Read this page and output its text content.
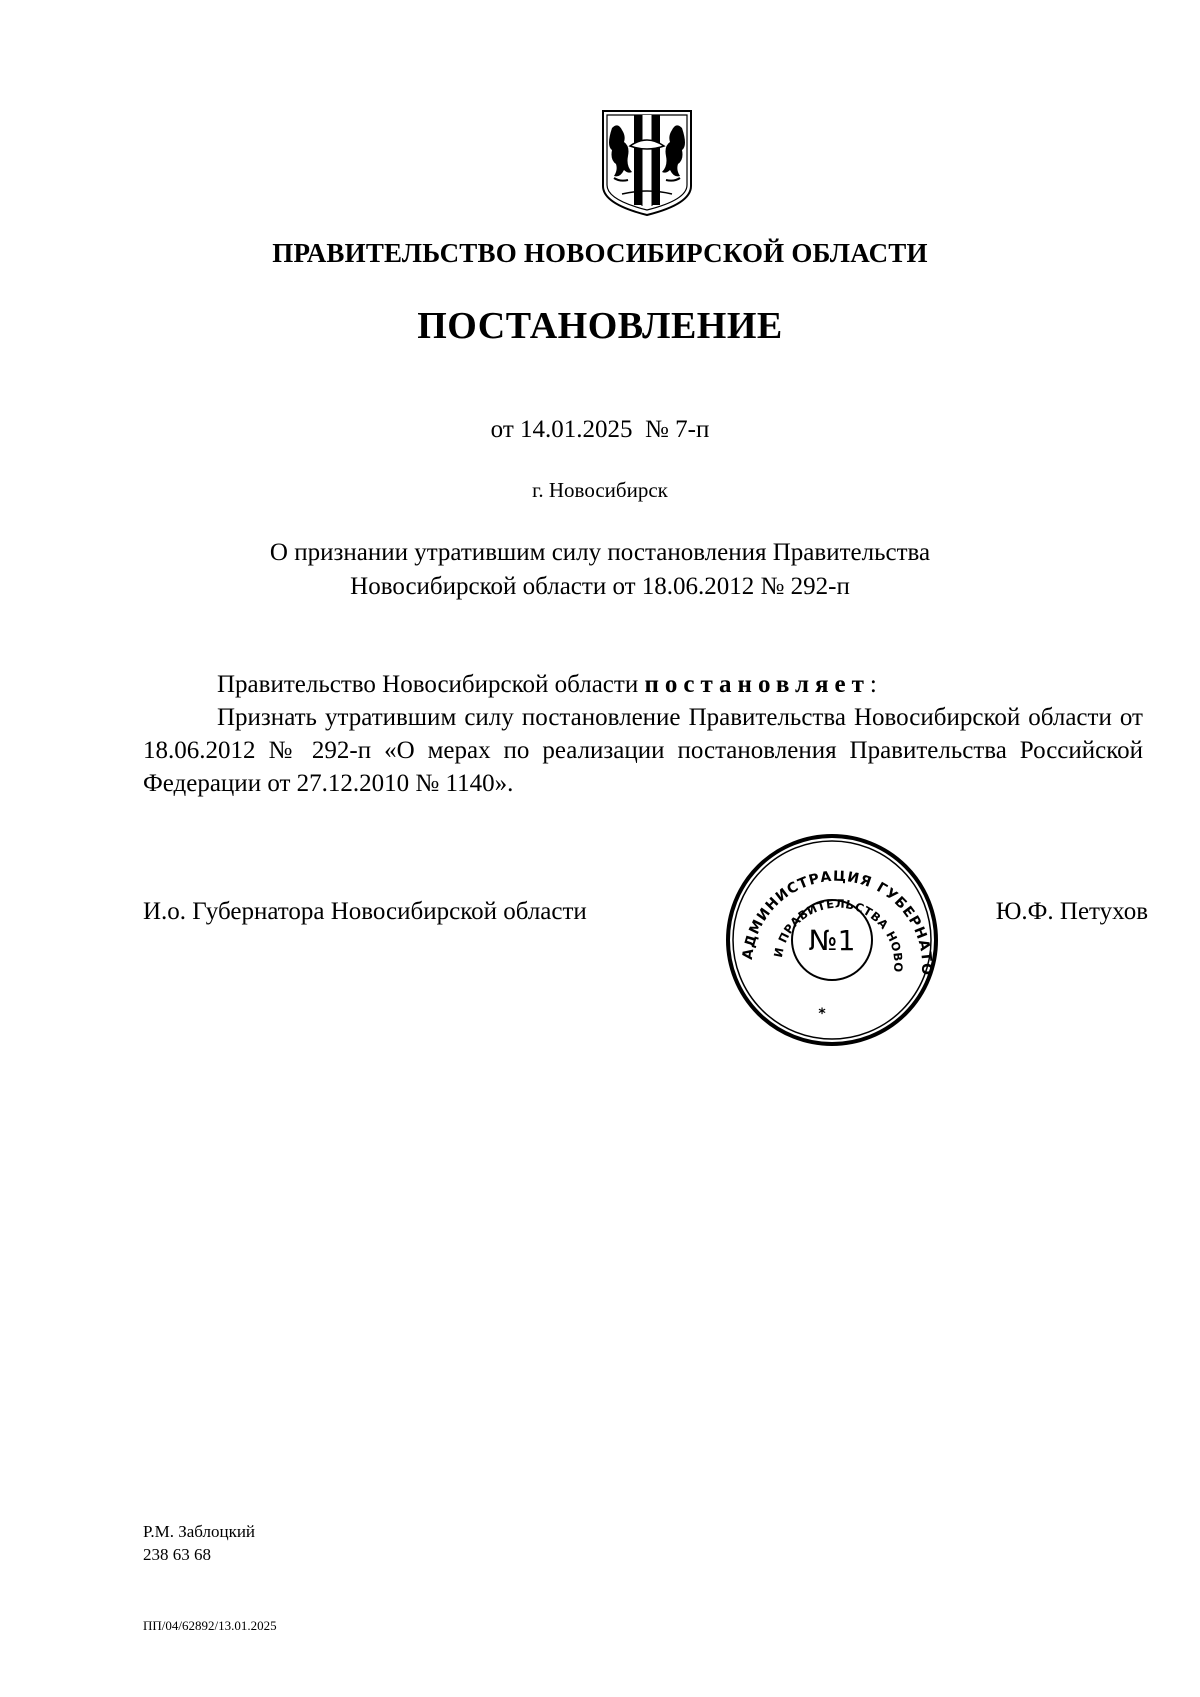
ПРАВИТЕЛЬСТВО НОВОСИБИРСКОЙ ОБЛАСТИ
ПОСТАНОВЛЕНИЕ
от 14.01.2025  № 7-п
г. Новосибирск
О признании утратившим силу постановления Правительства
Новосибирской области от 18.06.2012 № 292-п
Правительство Новосибирской области постановляет:
Признать утратившим силу постановление Правительства Новосибирской области от 18.06.2012 № 292-п «О мерах по реализации постановления Правительства Российской Федерации от 27.12.2010 № 1140».
И.о. Губернатора Новосибирской области	Ю.Ф. Петухов
АДМИНИСТРАЦИЯ ГУБЕРНАТО
И ПРАВИТЕЛЬСТВА НОВО
№1
*
Р.М. Заблоцкий
238 63 68
ПП/04/62892/13.01.2025
